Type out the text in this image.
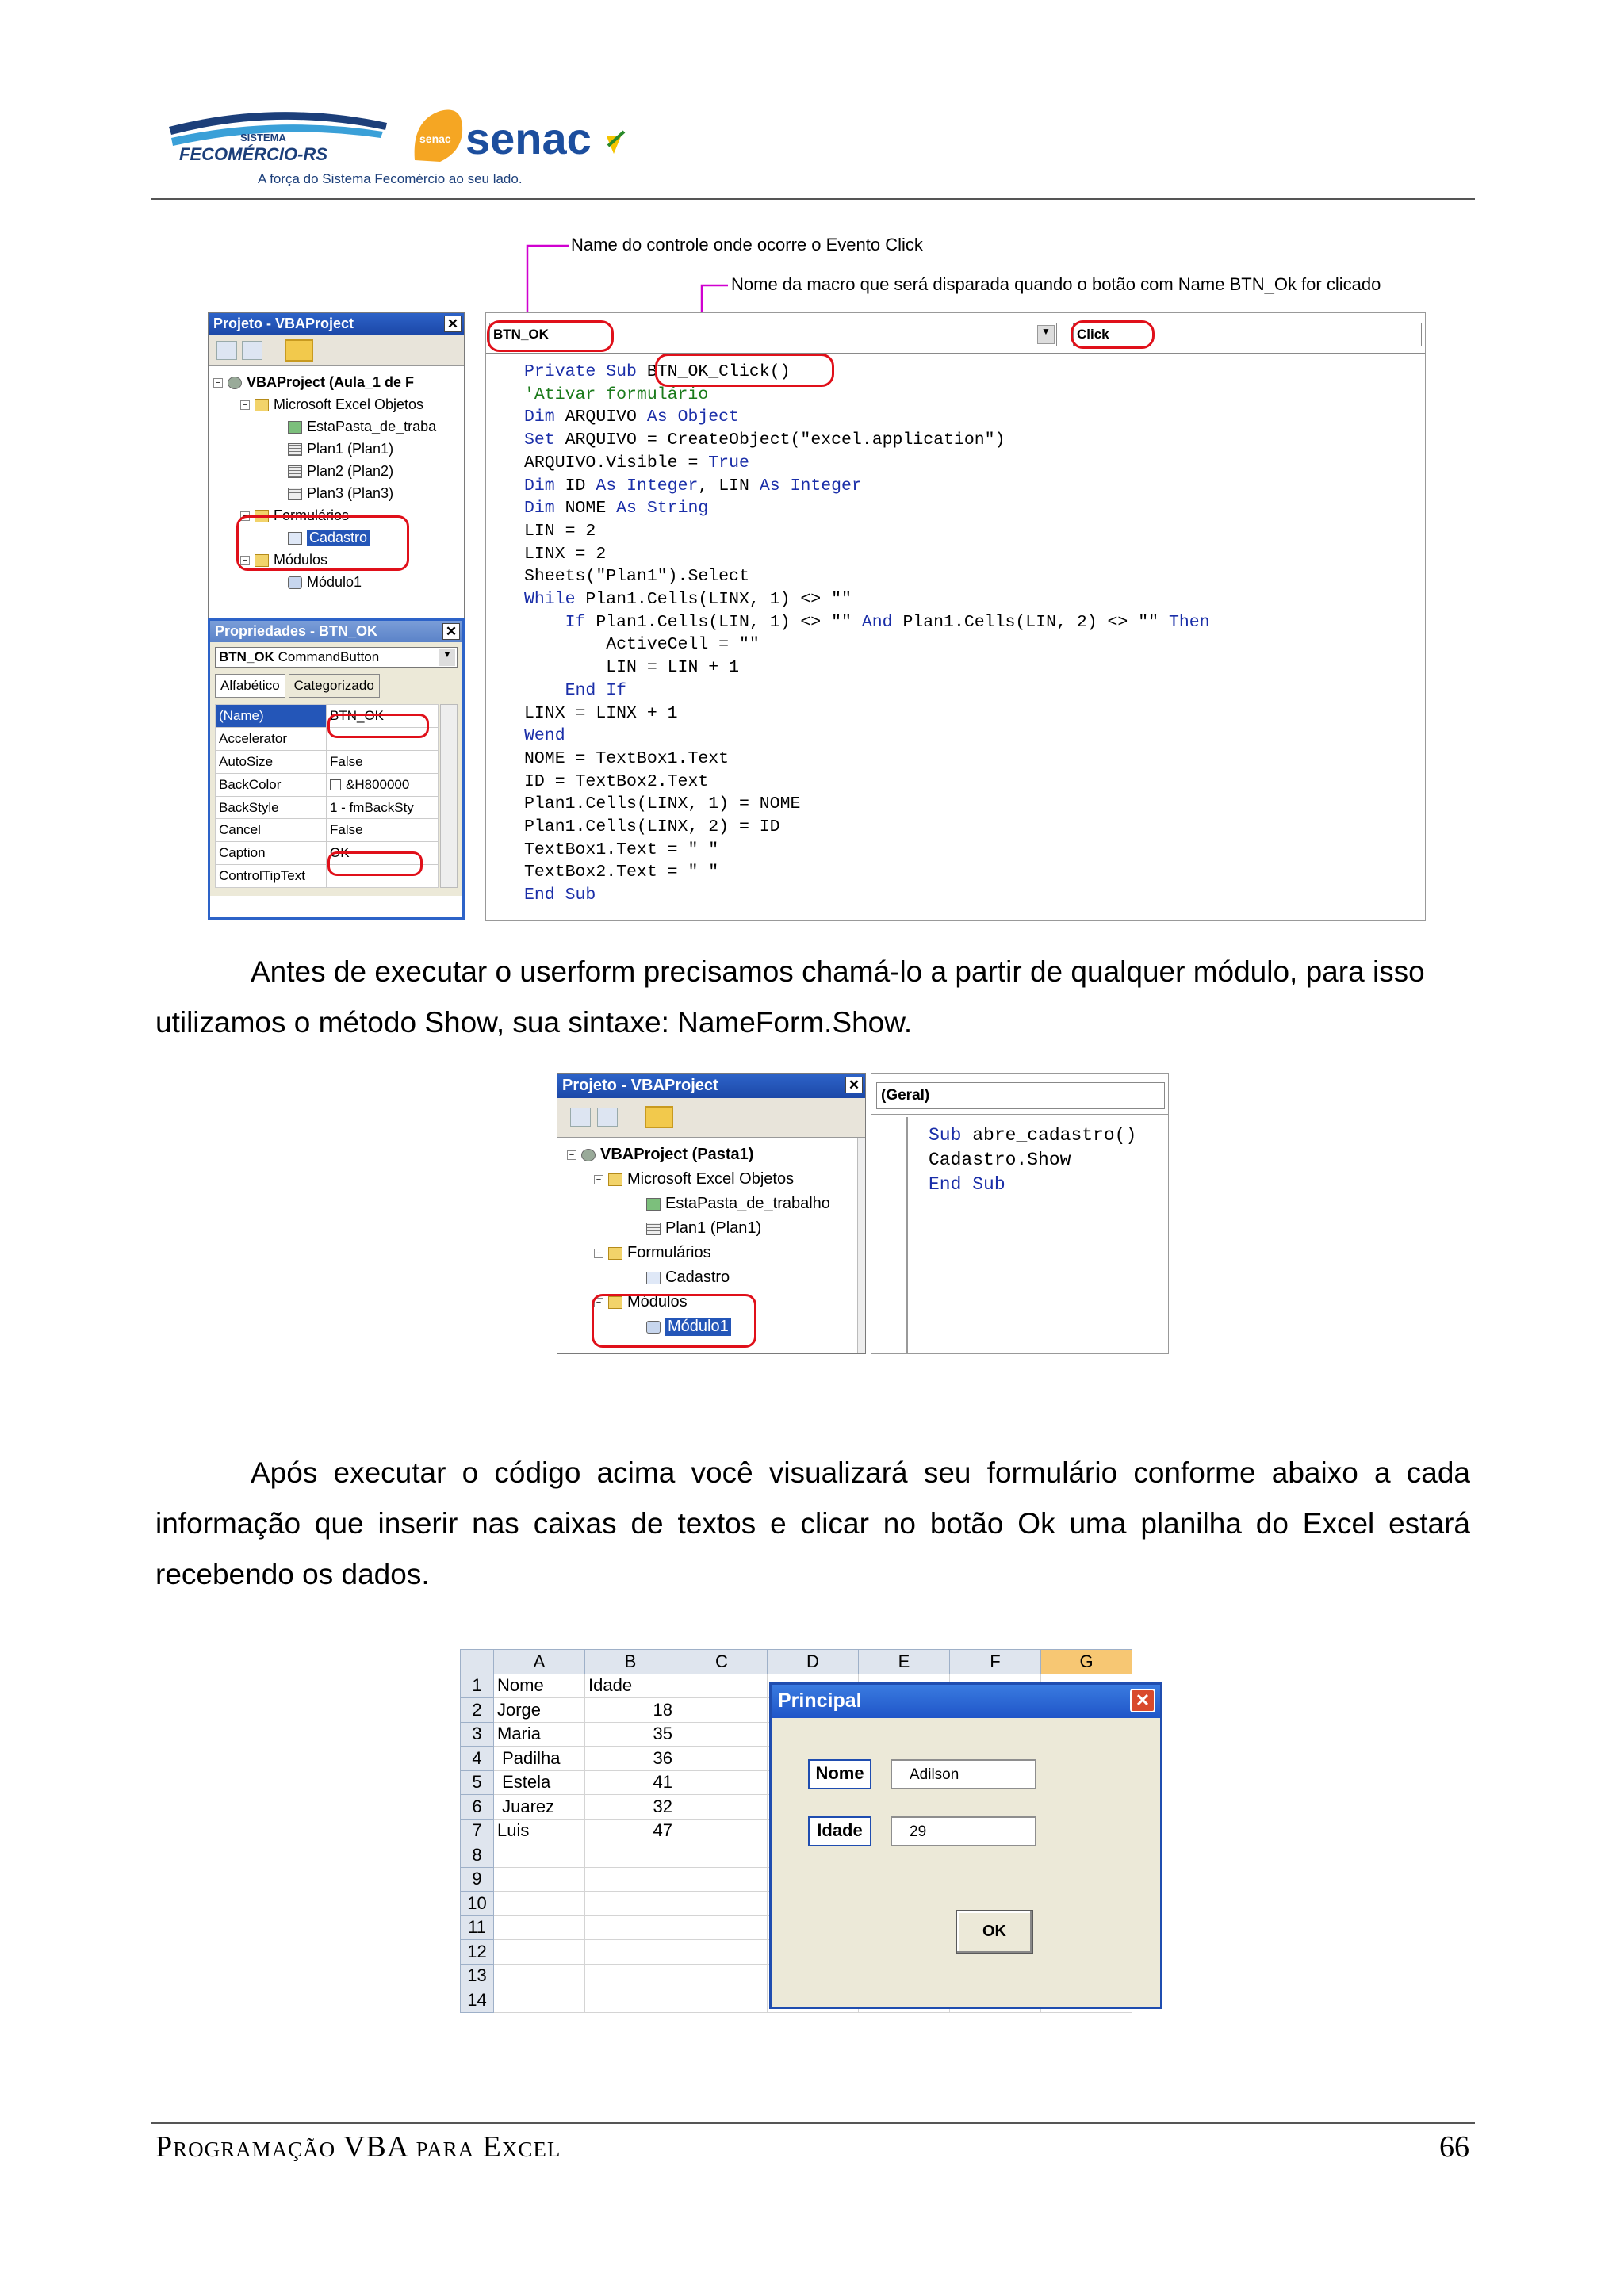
SISTEMA
FECOMÉRCIO-RS
A força do Sistema Fecomércio ao seu lado.
senac senac
Name do controle onde ocorre o Evento Click
Nome da macro que será disparada quando o botão com Name BTN_Ok for clicado
Projeto - VBAProject	✕
− VBAProject (Aula_1 de F
− Microsoft Excel Objetos
EstaPasta_de_traba
Plan1 (Plan1)
Plan2 (Plan2)
Plan3 (Plan3)
− Formulários
Cadastro
− Módulos
Módulo1
Propriedades - BTN_OK	✕
BTN_OK CommandButton	▼
Alfabético	Categorizado
(Name)	BTN_OK
Accelerator	
AutoSize	False
BackColor	&H800000
BackStyle	1 - fmBackSty
Cancel	False
Caption	OK
ControlTipText	
BTN_OK	▼ Click
Private Sub BTN_OK_Click()
'Ativar formulário
Dim ARQUIVO As Object
Set ARQUIVO = CreateObject("excel.application")
ARQUIVO.Visible = True
Dim ID As Integer, LIN As Integer
Dim NOME As String
LIN = 2
LINX = 2
Sheets("Plan1").Select
While Plan1.Cells(LINX, 1) <> ""
If Plan1.Cells(LIN, 1) <> "" And Plan1.Cells(LIN, 2) <> "" Then
ActiveCell = ""
LIN = LIN + 1
End If
LINX = LINX + 1
Wend
NOME = TextBox1.Text
ID = TextBox2.Text
Plan1.Cells(LINX, 1) = NOME
Plan1.Cells(LINX, 2) = ID
TextBox1.Text = " "
TextBox2.Text = " "
End Sub
Antes de executar o userform precisamos chamá-lo a partir de qualquer módulo, para isso
utilizamos o método Show, sua sintaxe: NameForm.Show.
Projeto - VBAProject	✕
− VBAProject (Pasta1)
− Microsoft Excel Objetos
EstaPasta_de_trabalho
Plan1 (Plan1)
− Formulários
Cadastro
− Módulos
Módulo1
(Geral)
Sub abre_cadastro()
Cadastro.Show
End Sub
Após executar o código acima você visualizará seu formulário conforme abaixo a cada
informação que inserir nas caixas de textos e clicar no botão Ok uma planilha do Excel estará
recebendo os dados.
	A	B	C	D	E	F	G
1	Nome	Idade					
2	Jorge	18					
3	Maria	35					
4	Padilha	36					
5	Estela	41					
6	Juarez	32					
7	Luis	47					
8							
9							
10							
11							
12							
13							
14							
Principal	✕
Nome	Adilson
Idade	29
OK
Programação VBA para Excel	66
